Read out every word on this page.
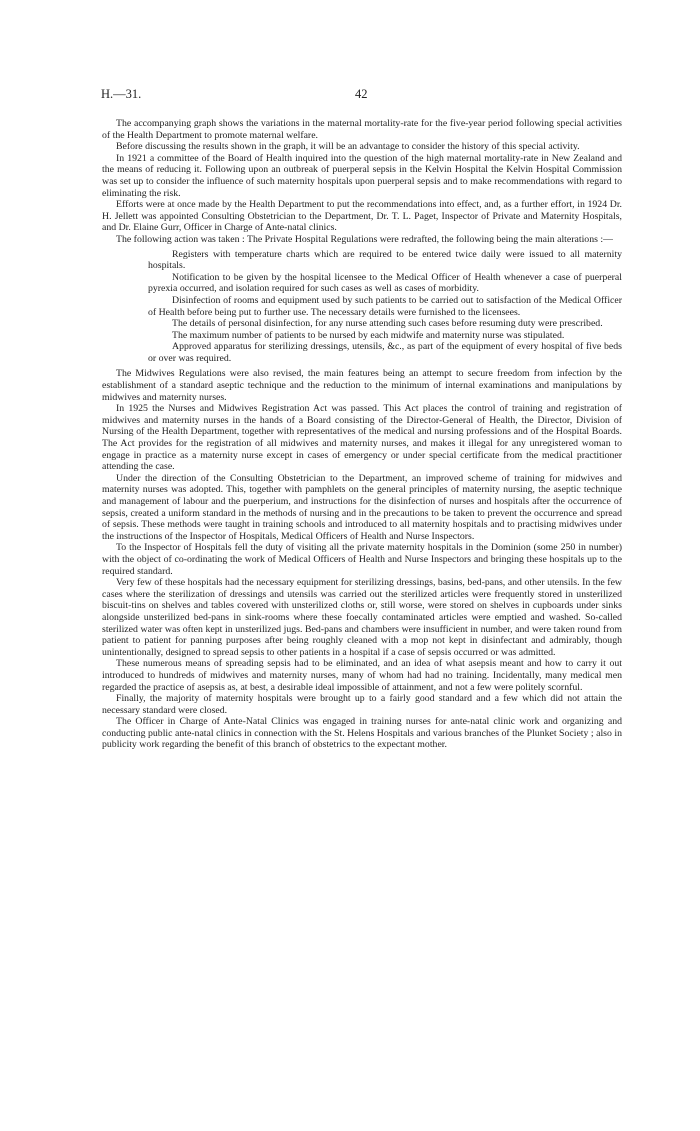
H.—31.	42

The accompanying graph shows the variations in the maternal mortality-rate for the five-year period following special activities of the Health Department to promote maternal welfare.

Before discussing the results shown in the graph, it will be an advantage to consider the history of this special activity.

In 1921 a committee of the Board of Health inquired into the question of the high maternal mortality-rate in New Zealand and the means of reducing it. Following upon an outbreak of puerperal sepsis in the Kelvin Hospital the Kelvin Hospital Commission was set up to consider the influence of such maternity hospitals upon puerperal sepsis and to make recommendations with regard to eliminating the risk.

Efforts were at once made by the Health Department to put the recommendations into effect, and, as a further effort, in 1924 Dr. H. Jellett was appointed Consulting Obstetrician to the Department, Dr. T. L. Paget, Inspector of Private and Maternity Hospitals, and Dr. Elaine Gurr, Officer in Charge of Ante-natal clinics.

The following action was taken : The Private Hospital Regulations were redrafted, the following being the main alterations :—

Registers with temperature charts which are required to be entered twice daily were issued to all maternity hospitals.

Notification to be given by the hospital licensee to the Medical Officer of Health whenever a case of puerperal pyrexia occurred, and isolation required for such cases as well as cases of morbidity.

Disinfection of rooms and equipment used by such patients to be carried out to satisfaction of the Medical Officer of Health before being put to further use. The necessary details were furnished to the licensees.

The details of personal disinfection, for any nurse attending such cases before resuming duty were prescribed.

The maximum number of patients to be nursed by each midwife and maternity nurse was stipulated.

Approved apparatus for sterilizing dressings, utensils, &c., as part of the equipment of every hospital of five beds or over was required.

The Midwives Regulations were also revised, the main features being an attempt to secure freedom from infection by the establishment of a standard aseptic technique and the reduction to the minimum of internal examinations and manipulations by midwives and maternity nurses.

In 1925 the Nurses and Midwives Registration Act was passed. This Act places the control of training and registration of midwives and maternity nurses in the hands of a Board consisting of the Director-General of Health, the Director, Division of Nursing of the Health Department, together with representatives of the medical and nursing professions and of the Hospital Boards. The Act provides for the registration of all midwives and maternity nurses, and makes it illegal for any unregistered woman to engage in practice as a maternity nurse except in cases of emergency or under special certificate from the medical practitioner attending the case.

Under the direction of the Consulting Obstetrician to the Department, an improved scheme of training for midwives and maternity nurses was adopted. This, together with pamphlets on the general principles of maternity nursing, the aseptic technique and management of labour and the puerperium, and instructions for the disinfection of nurses and hospitals after the occurrence of sepsis, created a uniform standard in the methods of nursing and in the precautions to be taken to prevent the occurrence and spread of sepsis. These methods were taught in training schools and introduced to all maternity hospitals and to practising midwives under the instructions of the Inspector of Hospitals, Medical Officers of Health and Nurse Inspectors.

To the Inspector of Hospitals fell the duty of visiting all the private maternity hospitals in the Dominion (some 250 in number) with the object of co-ordinating the work of Medical Officers of Health and Nurse Inspectors and bringing these hospitals up to the required standard.

Very few of these hospitals had the necessary equipment for sterilizing dressings, basins, bed-pans, and other utensils. In the few cases where the sterilization of dressings and utensils was carried out the sterilized articles were frequently stored in unsterilized biscuit-tins on shelves and tables covered with unsterilized cloths or, still worse, were stored on shelves in cupboards under sinks alongside unsterilized bed-pans in sink-rooms where these foecally contaminated articles were emptied and washed. So-called sterilized water was often kept in unsterilized jugs. Bed-pans and chambers were insufficient in number, and were taken round from patient to patient for panning purposes after being roughly cleaned with a mop not kept in disinfectant and admirably, though unintentionally, designed to spread sepsis to other patients in a hospital if a case of sepsis occurred or was admitted.

These numerous means of spreading sepsis had to be eliminated, and an idea of what asepsis meant and how to carry it out introduced to hundreds of midwives and maternity nurses, many of whom had had no training. Incidentally, many medical men regarded the practice of asepsis as, at best, a desirable ideal impossible of attainment, and not a few were politely scornful.

Finally, the majority of maternity hospitals were brought up to a fairly good standard and a few which did not attain the necessary standard were closed.

The Officer in Charge of Ante-Natal Clinics was engaged in training nurses for ante-natal clinic work and organizing and conducting public ante-natal clinics in connection with the St. Helens Hospitals and various branches of the Plunket Society ; also in publicity work regarding the benefit of this branch of obstetrics to the expectant mother.
